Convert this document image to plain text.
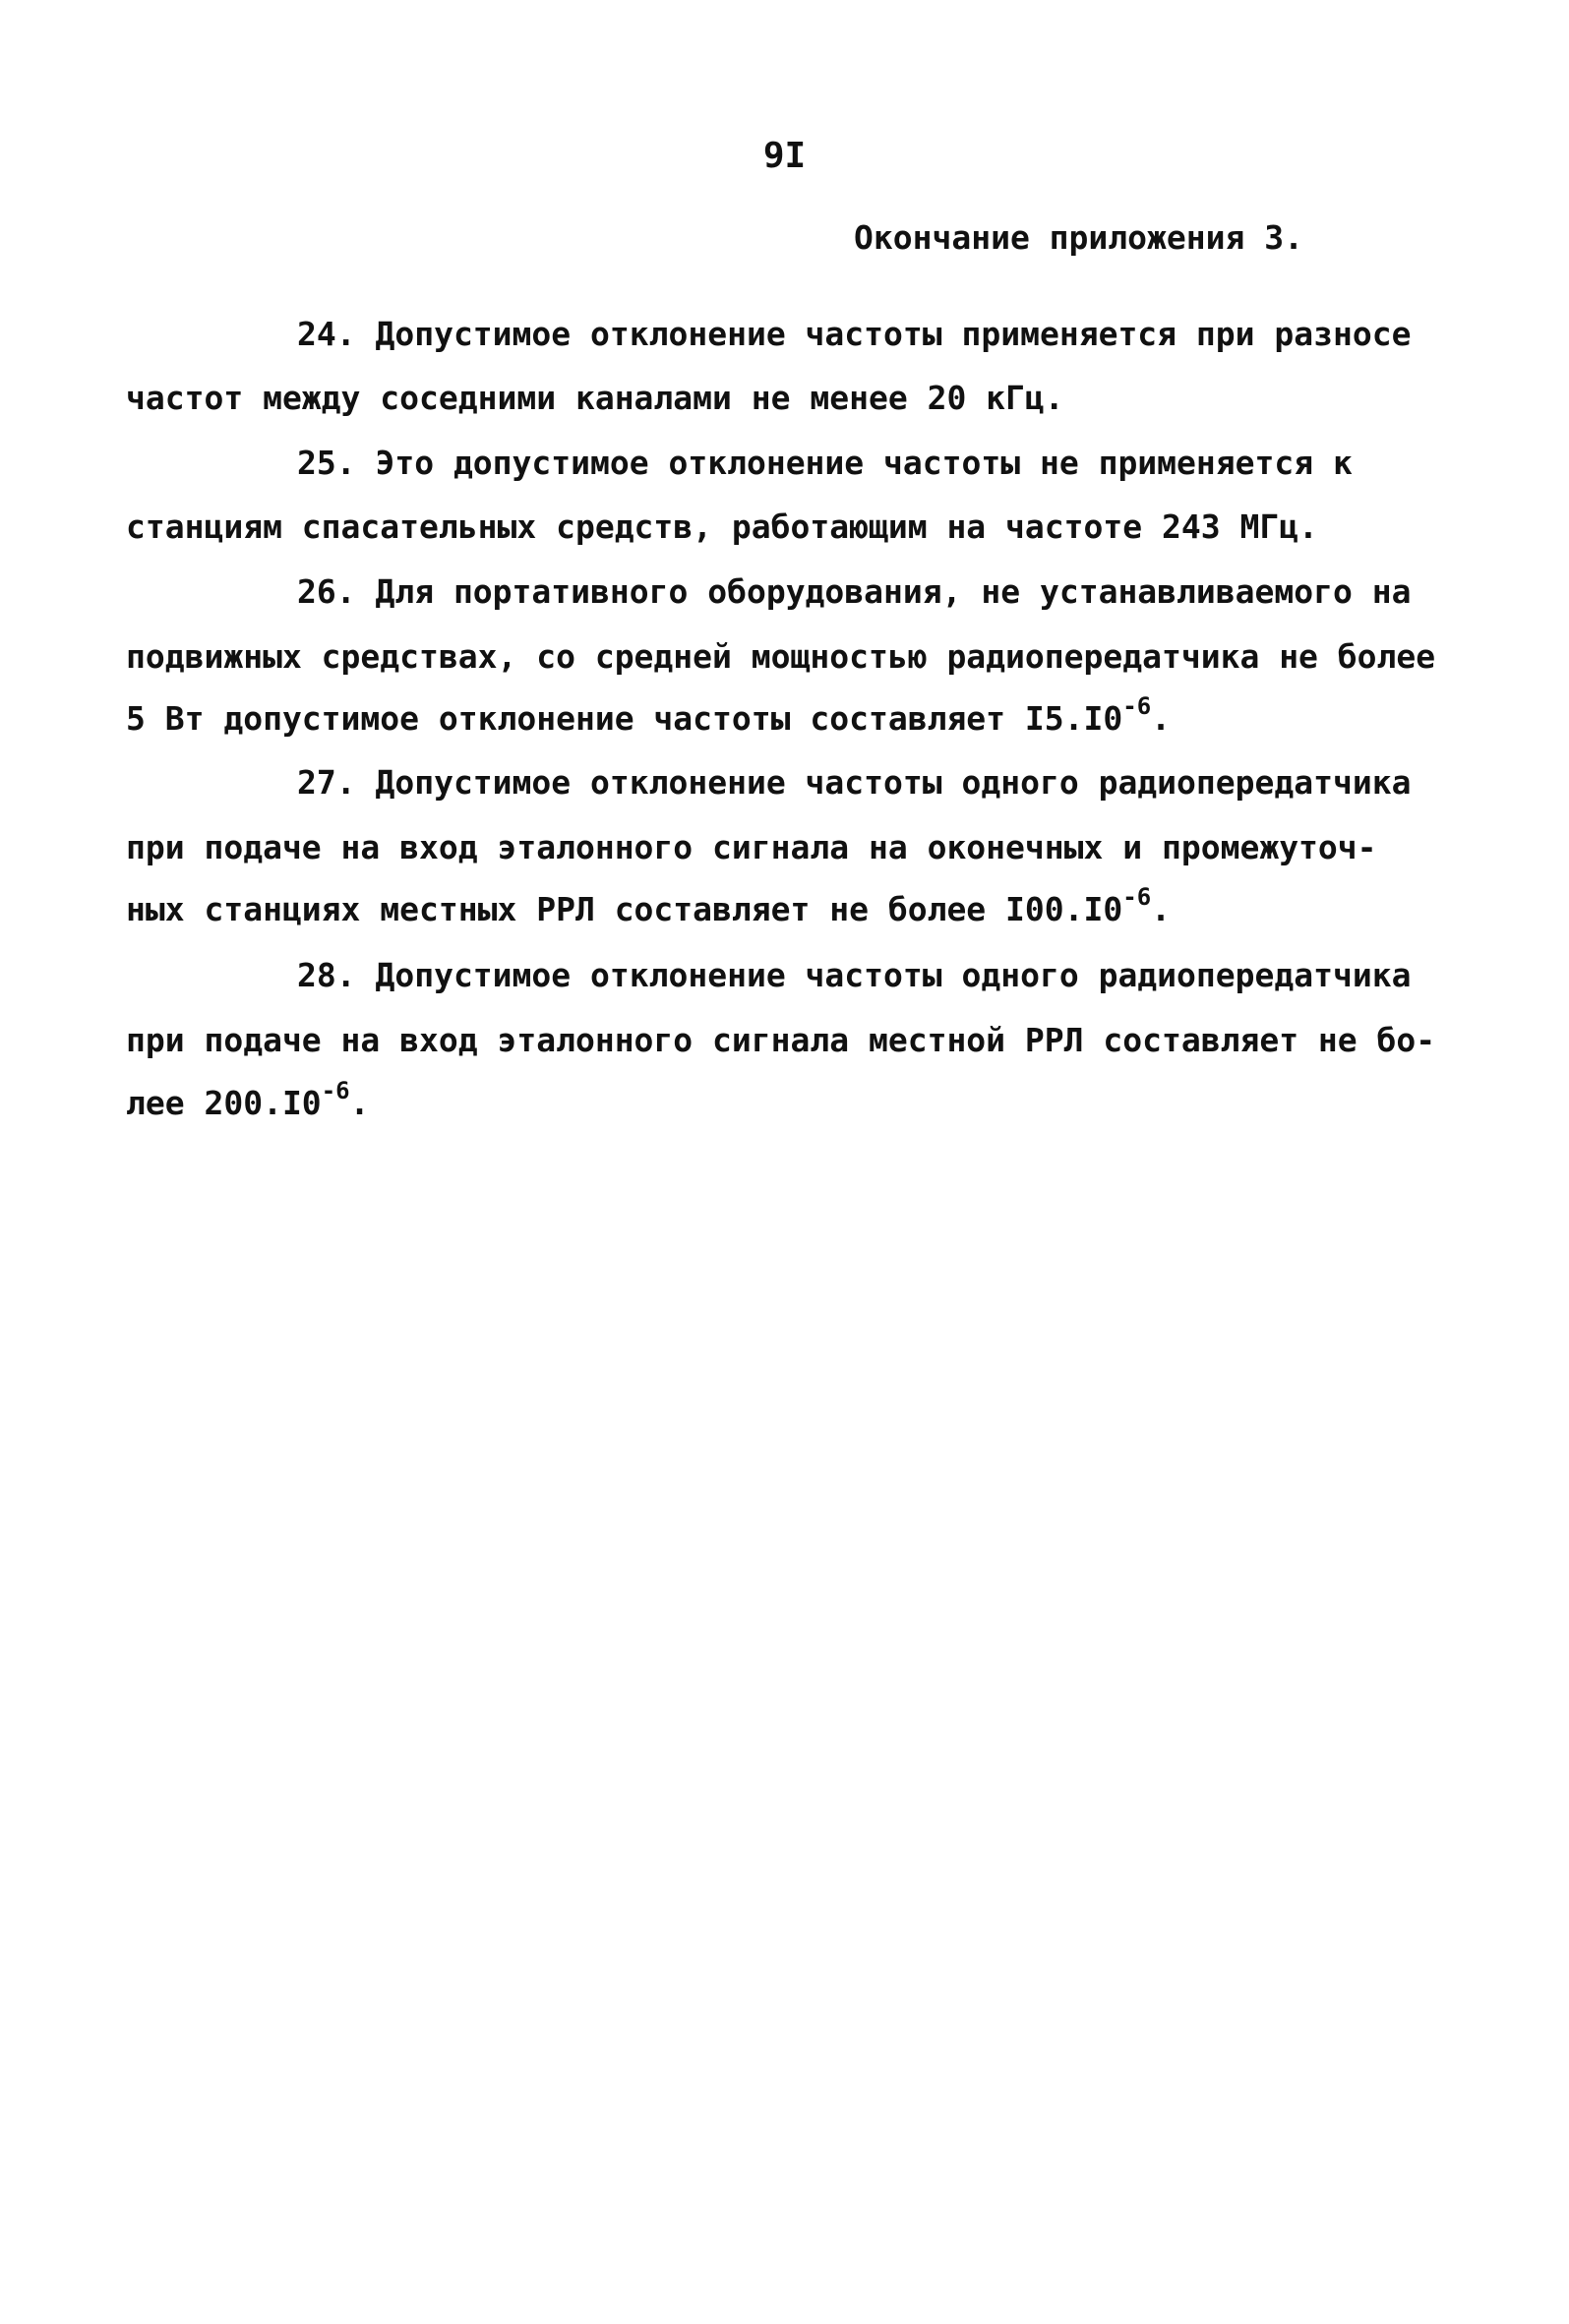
9I
Окончание приложения 3.
24. Допустимое отклонение частоты применяется при разносе
частот между соседними каналами не менее 20 кГц.
25. Это допустимое отклонение частоты не применяется к
станциям спасательных средств, работающим на частоте 243 МГц.
26. Для портативного оборудования, не устанавливаемого на
подвижных средствах, со средней мощностью радиопередатчика не более
5 Вт допустимое отклонение частоты составляет $I5.I0^{-6}$.
27. Допустимое отклонение частоты одного радиопередатчика
при подаче на вход эталонного сигнала на оконечных и промежуточ-
ных станциях местных РРЛ составляет не более $I00.I0^{-6}$.
28. Допустимое отклонение частоты одного радиопередатчика
при подаче на вход эталонного сигнала местной РРЛ составляет не бо-
лее $200.I0^{-6}$.
